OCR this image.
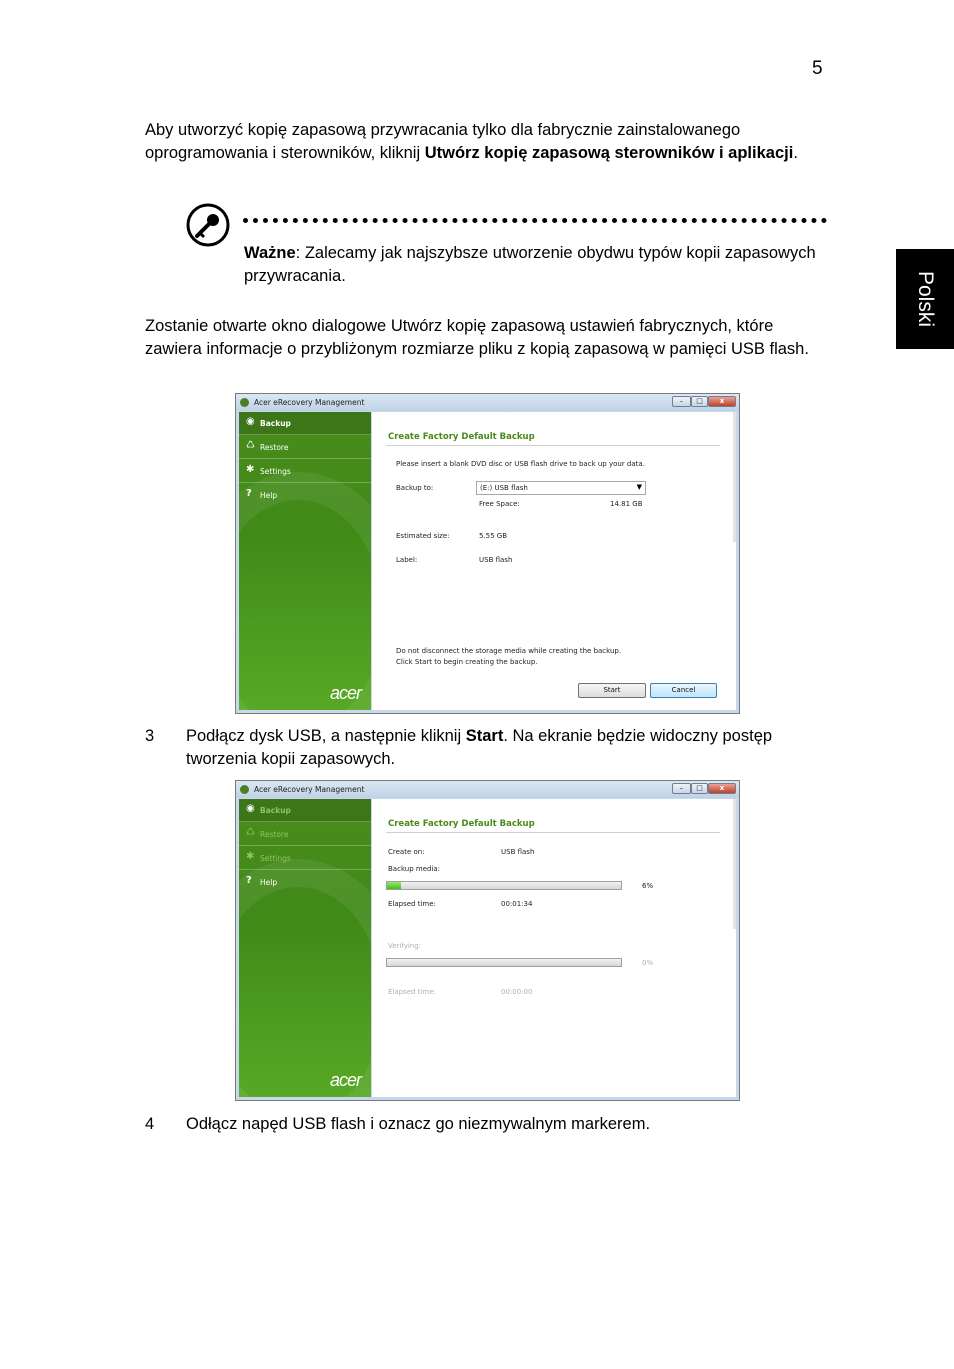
5
Polski

Aby utworzyć kopię zapasową przywracania tylko dla fabrycznie zainstalowanego oprogramowania i sterowników, kliknij Utwórz kopię zapasową sterowników i aplikacji.

Ważne: Zalecamy jak najszybsze utworzenie obydwu typów kopii zapasowych przywracania.

Zostanie otwarte okno dialogowe Utwórz kopię zapasową ustawień fabrycznych, które zawiera informacje o przybliżonym rozmiarze pliku z kopią zapasową w pamięci USB flash.

Acer eRecovery Management	–	□	x
◉ Backup
♺ Restore
✱ Settings
? Help
acer
Create Factory Default Backup
Please insert a blank DVD disc or USB flash drive to back up your data.
Backup to:	(E:) USB flash	▼
Free Space:	14.81 GB
Estimated size:	5.55 GB
Label:	USB flash
Do not disconnect the storage media while creating the backup.
Click Start to begin creating the backup.
Start	Cancel
3	Podłącz dysk USB, a następnie kliknij Start. Na ekranie będzie widoczny postęp tworzenia kopii zapasowych.
Acer eRecovery Management	–	□	x
◉ Backup
♺ Restore
✱ Settings
? Help
acer
Create Factory Default Backup
Create on:	USB flash
Backup media:
6%
Elapsed time:	00:01:34
Verifying:
0%
Elapsed time:	00:00:00
4	Odłącz napęd USB flash i oznacz go niezmywalnym markerem.
